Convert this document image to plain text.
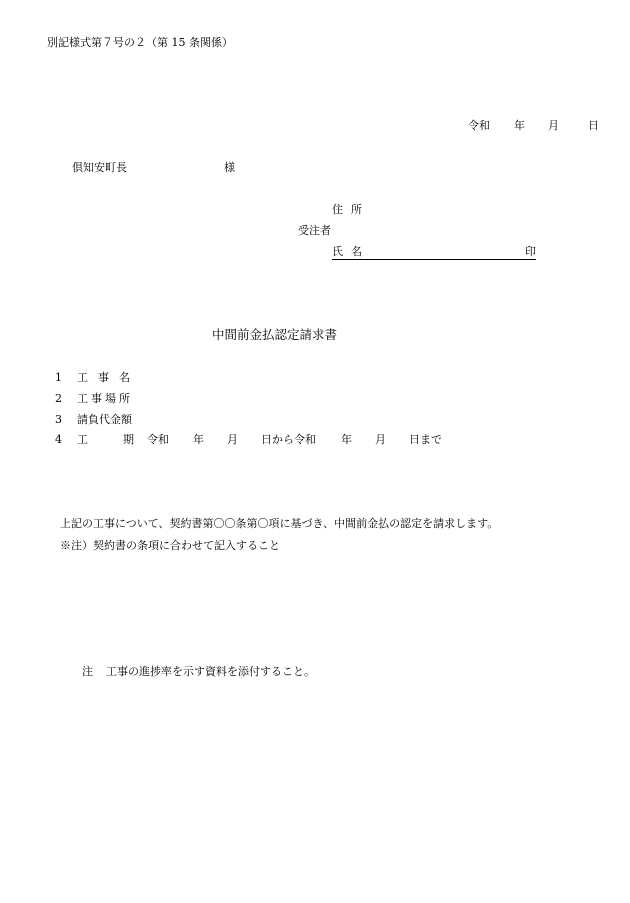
別記様式第７号の２（第 15 条関係）
令和 年 月	日
倶知安町長	様
住所
受注者
氏名	印
中間前金払認定請求書
1 工事名
2 工事場所
3 請負代金額
4 工	期 令和 年 月 日から令和 年 月 日まで
上記の工事について、契約書第〇〇条第〇項に基づき、中間前金払の認定を請求します。
※注）契約書の条項に合わせて記入すること
注 工事の進捗率を示す資料を添付すること。
